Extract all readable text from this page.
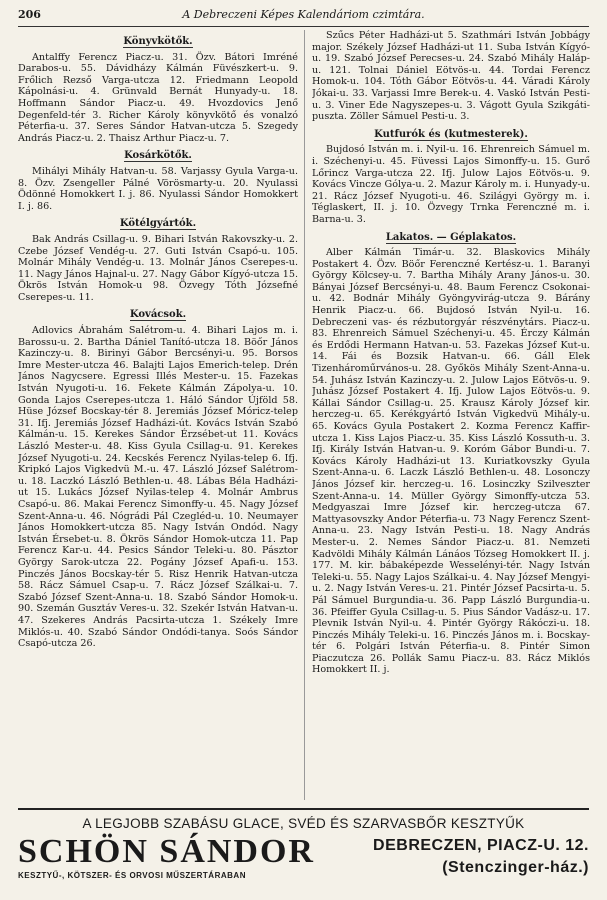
206	A Debreczeni Képes Kalendáriom czimtára.
Könyvkötők.

Antalffy Ferencz Piacz-u. 31. Özv. Bátori Imréné Darabos-u. 55. Dávidházy Kálmán Füvészkert-u. 9. Frőlich Rezső Varga-utcza 12. Friedmann Leopold Kápolnási-u. 4. Grünvald Bernát Hunyady-u. 18. Hoffmann Sándor Piacz-u. 49. Hvozdovics Jenő Degenfeld-tér 3. Richer Károly könyvkötő és vonalzó Péterfia-u. 37. Seres Sándor Hatvan-utcza 5. Szegedy András Piacz-u. 2. Thaisz Arthur Piacz-u. 7.

Kosárkötők.

Mihályi Mihály Hatvan-u. 58. Varjassy Gyula Varga-u. 8. Özv. Zsengeller Pálné Vörösmarty-u. 20. Nyulassi Ödönné Homokkert I. j. 86. Nyulassi Sándor Homokkert I. j. 86.

Kötélgyártók.

Bak András Csillag-u. 9. Bihari István Rakovszky-u. 2. Czebe József Vendég-u. 27. Guti István Csapó-u. 105. Molnár Mihály Vendég-u. 13. Molnár János Cserepes-u. 11. Nagy János Hajnal-u. 27. Nagy Gábor Kígyó-utcza 15. Ökrös István Homok-u 98. Özvegy Tóth Józsefné Cserepes-u. 11.

Kovácsok.

Adlovics Ábrahám Salétrom-u. 4. Bihari Lajos m. i. Barossu-u. 2. Bartha Dániel Tanító-utcza 18. Böőr János Kazinczy-u. 8. Birinyi Gábor Bercsényi-u. 95. Borsos Imre Mester-utcza 46. Balajti Lajos Emerich-telep. Drén János Nagycsere. Egressi Illés Mester-u. 15. Fazekas István Nyugoti-u. 16. Fekete Kálmán Zápolya-u. 10. Gonda Lajos Cserepes-utcza 1. Háló Sándor Újföld 58. Hüse József Bocskay-tér 8. Jeremiás József Móricz-telep 31. Ifj. Jeremiás József Hadházi-út. Kovács István Szabó Kálmán-u. 15. Kerekes Sándor Érzsébet-ut 11. Kovács László Mester-u. 48. Kiss Gyula Csillag-u. 91. Kerekes József Nyugoti-u. 24. Kecskés Ferencz Nyilas-telep 6. Ifj. Kripkó Lajos Vigkedvü M.-u. 47. László József Salétrom-u. 18. Laczkó László Bethlen-u. 48. Lábas Béla Hadházi-ut 15. Lukács József Nyilas-telep 4. Molnár Ambrus Csapó-u. 86. Makai Ferencz Simonffy-u. 45. Nagy József Szent-Anna-u. 46. Nógrádi Pál Czegléd-u. 10. Neumayer János Homokkert-utcza 85. Nagy István Ondód. Nagy István Érsebet-u. 8. Ökrös Sándor Homok-utcza 11. Pap Ferencz Kar-u. 44. Pesics Sándor Teleki-u. 80. Pásztor György Sarok-utcza 22. Pogány József Apafi-u. 153. Pinczés János Bocskay-tér 5. Risz Henrik Hatvan-utcza 58. Rácz Sámuel Csap-u. 7. Rácz József Szálkai-u. 7. Szabó József Szent-Anna-u. 18. Szabó Sándor Homok-u. 90. Szemán Gusztáv Veres-u. 32. Szekér István Hatvan-u. 47. Szekeres András Pacsirta-utcza 1. Székely Imre Miklós-u. 40. Szabó Sándor Ondódi-tanya. Soós Sándor Csapó-utcza 26.

Szűcs Péter Hadházi-ut 5. Szathmári István Jobbágy major. Székely József Hadházi-ut 11. Suba István Kígyó-u. 19. Szabó József Perecses-u. 24. Szabó Mihály Haláp-u. 121. Tolnai Dániel Eötvös-u. 44. Tordai Ferencz Homok-u. 104. Tóth Gábor Eötvös-u. 44. Váradi Károly Jókai-u. 33. Varjassi Imre Berek-u. 4. Vaskó István Pesti-u. 3. Viner Ede Nagyszepes-u. 3. Vágott Gyula Szikgáti-puszta. Zöller Sámuel Pesti-u. 3.

Kutfurók és (kutmesterek).

Bujdosó István m. i. Nyil-u. 16. Ehrenreich Sámuel m. i. Széchenyi-u. 45. Füvessi Lajos Simonffy-u. 15. Gurő Lőrincz Varga-utcza 22. Ifj. Julow Lajos Eötvös-u. 9. Kovács Vincze Gólya-u. 2. Mazur Károly m. i. Hunyady-u. 21. Rácz József Nyugoti-u. 46. Szilágyi György m. i. Téglaskert, II. j. 10. Özvegy Trnka Ferenczné m. i. Barna-u. 3.

Lakatos. — Géplakatos.

Alber Kálmán Timár-u. 32. Blaskovics Mihály Postakert 4. Özv. Böőr Ferenczné Kertész-u. 1. Baranyi György Kölcsey-u. 7. Bartha Mihály Arany János-u. 30. Bányai József Bercsényi-u. 48. Baum Ferencz Csokonai-u. 42. Bodnár Mihály Gyöngyvirág-utcza 9. Bárány Henrik Piacz-u. 66. Bujdosó István Nyil-u. 16. Debreczeni vas- és rézbutorgyár részvénytárs. Piacz-u. 83. Ehrenreich Sámuel Széchenyi-u. 45. Érczy Kálmán és Erdődi Hermann Hatvan-u. 53. Fazekas József Kut-u. 14. Fái és Bozsik Hatvan-u. 66. Gáll Elek Tizenhároműrvános-u. 28. Győkös Mihály Szent-Anna-u. 54. Juhász István Kazinczy-u. 2. Julow Lajos Eötvös-u. 9. Juhász József Postakert 4. Ifj. Julow Lajos Eötvös-u. 9. Kállai Sándor Csillag-u. 25. Krausz Károly József kir. herczeg-u. 65. Kerékgyártó István Vigkedvü Mihály-u. 65. Kovács Gyula Postakert 2. Kozma Ferencz Kaffir-utcza 1. Kiss Lajos Piacz-u. 35. Kiss László Kossuth-u. 3. Ifj. Király István Hatvan-u. 9. Koróm Gábor Bundi-u. 7. Kovács Károly Hadházi-ut 13. Kuriatkovszky Gyula Szent-Anna-u. 6. Laczk László Bethlen-u. 48. Losonczy János József kir. herczeg-u. 16. Losinczky Szilveszter Szent-Anna-u. 14. Müller György Simonffy-utcza 53. Medgyaszai Imre József kir. herczeg-utcza 67. Mattyasovszky Andor Péterfia-u. 73 Nagy Ferencz Szent-Anna-u. 23. Nagy István Pesti-u. 18. Nagy András Mester-u. 2. Nemes Sándor Piacz-u. 81. Nemzeti Kadvöldi Mihály Kálmán Lánáos Tózseg Homokkert II. j. 177. M. kir. bábaképezde Wesselényi-tér. Nagy István Teleki-u. 55. Nagy Lajos Szálkai-u. 4. Nay József Mengyi-u. 2. Nagy István Veres-u. 21. Pintér József Pacsirta-u. 5. Pál Sámuel Burgundia-u. 36. Papp László Burgundia-u. 36. Pfeiffer Gyula Csillag-u. 5. Pius Sándor Vadász-u. 17. Plevnik István Nyil-u. 4. Pintér György Rákóczi-u. 18. Pinczés Mihály Teleki-u. 16. Pinczés János m. i. Bocskay-tér 6. Polgári István Péterfia-u. 8. Pintér Simon Piaczutcza 26. Pollák Samu Piacz-u. 83. Rácz Miklós Homokkert II. j.

A LEGJOBB SZABÁSU GLACE, SVÉD ÉS SZARVASBŐR KESZTYŰK
SCHÖN SÁNDOR	DEBRECZEN, PIACZ-U. 12.
KESZTYŰ-, KÖTSZER- ÉS ORVOSI MŰSZERTÁRABAN	(Stenczinger-ház.)
